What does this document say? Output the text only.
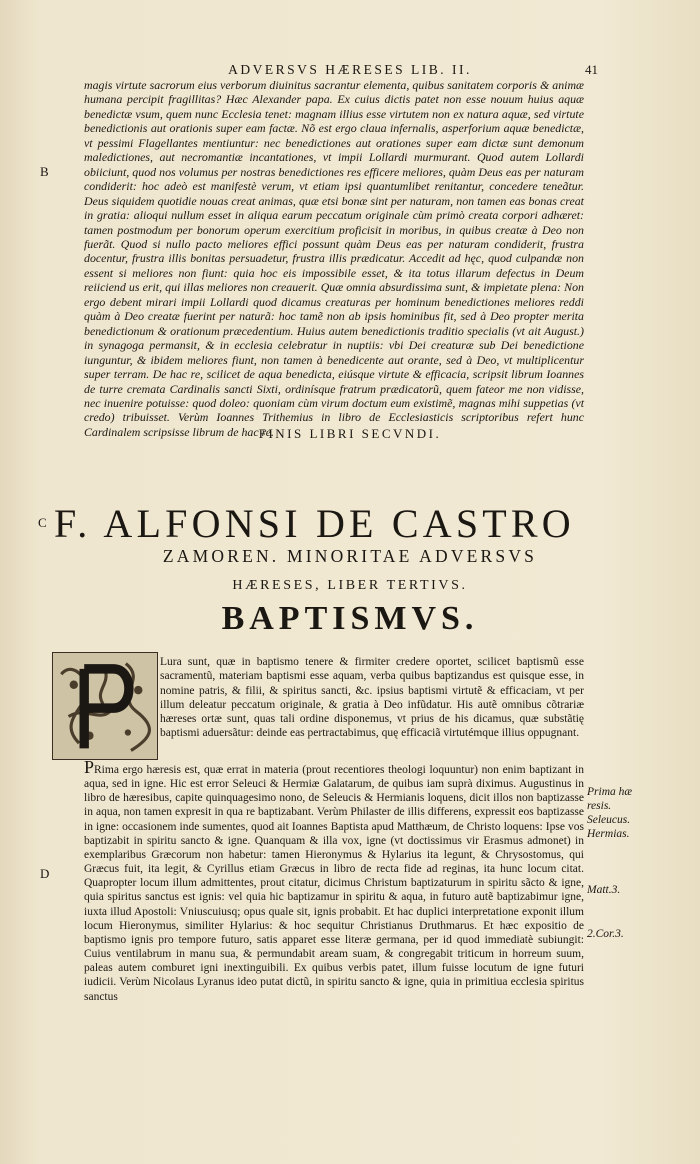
ADVERSVS HÆRESES LIB. II.	41

magis virtute sacrorum eius verborum diuinitus sacrantur elementa, quibus sanitatem corporis & animæ humana percipit fragillitas? Hæc Alexander papa. Ex cuius dictis patet non esse nouum huius aquæ benedictæ vsum, quem nunc Ecclesia tenet: magnam illius esse virtutem non ex natura aquæ, sed virtute benedictionis aut orationis super eam factæ. Nõ est ergo claua infernalis, asperforium aquæ benedictæ, vt pessimi Flagellantes mentiuntur: nec benedictiones aut orationes super eam dictæ sunt demonum maledictiones, aut necromantiæ incantationes, vt impii Lollardi murmurant. Quod autem Lollardi obiiciunt, quod nos volumus per nostras benedictiones res efficere meliores, quàm Deus eas per naturam condiderit: hoc adeò est manifestè verum, vt etiam ipsi quantumlibet renitantur, concedere teneãtur. Deus siquidem quotidie nouas creat animas, quæ etsi bonæ sint per naturam, non tamen eas bonas creat in gratia: alioqui nullum esset in aliqua earum peccatum originale cùm primò creata corpori adhæret: tamen postmodum per bonorum operum exercitium proficisit in moribus, in quibus creatæ à Deo non fuerãt. Quod si nullo pacto meliores effici possunt quàm Deus eas per naturam condiderit, frustra docentur, frustra illis bonitas persuadetur, frustra illis prædicatur. Accedit ad hęc, quod culpandæ non essent si meliores non fiunt: quia hoc eis impossibile esset, & ita totus illarum defectus in Deum reiiciend us erit, qui illas meliores non creauerit. Quæ omnia absurdissima sunt, & impietate plena: Non ergo debent mirari impii Lollardi quod dicamus creaturas per hominum benedictiones meliores reddi quàm à Deo creatæ fuerint per naturã: hoc tamẽ non ab ipsis hominibus fit, sed à Deo propter merita benedictionum & orationum præcedentium. Huius autem benedictionis traditio specialis (vt ait August.) in synagoga permansit, & in ecclesia celebratur in nuptiis: vbi Dei creaturæ sub Dei benedictione iunguntur, & ibidem meliores fiunt, non tamen à benedicente aut orante, sed à Deo, vt multiplicentur super terram. De hac re, scilicet de aqua benedicta, eiúsque virtute & efficacia, scripsit librum Ioannes de turre cremata Cardinalis sancti Sixti, ordinísque fratrum prædicatorũ, quem fateor me non vidisse, nec inuenire potuisse: quod doleo: quoniam cùm virum doctum eum existimẽ, magnas mihi suppetias (vt credo) tribuisset. Verùm Ioannes Trithemius in libro de Ecclesiasticis scriptoribus refert hunc Cardinalem scripsisse librum de hac re.

B
FINIS LIBRI SECVNDI.
C F. ALFONSI DE CASTRO
ZAMOREN. MINORITAE ADVERSVS
HÆRESES, LIBER TERTIVS.
BAPTISMVS.
Lura sunt, quæ in baptismo tenere & firmiter credere oportet, scilicet baptismũ esse sacramentũ, materiam baptismi esse aquam, verba quibus baptizandus est quisque esse, in nomine patris, & filii, & spiritus sancti, &c. ipsius baptismi virtutẽ & efficaciam, vt per illum deleatur peccatum originale, & gratia à Deo infũdatur. His autẽ omnibus cõtrariæ hæreses ortæ sunt, quas tali ordine disponemus, vt prius de his dicamus, quæ substãtię baptismi aduersãtur: deinde eas pertractabimus, quę efficaciã virtutémque illius oppugnant.
D
PRima ergo hæresis est, quæ errat in materia (prout recentiores theologi loquuntur) non enim baptizant in aqua, sed in igne. Hic est error Seleuci & Hermiæ Galatarum, de quibus iam suprà diximus. Augustinus in libro de hæresibus, capite quinquagesimo nono, de Seleucis & Hermianis loquens, dicit illos non baptizasse in aqua, non tamen expresit in qua re baptizabant. Verùm Philaster de illis differens, expressit eos baptizasse in igne: occasionem inde sumentes, quod ait Ioannes Baptista apud Matthæum, de Christo loquens: Ipse vos baptizabit in spiritu sancto & igne. Quanquam & illa vox, igne (vt doctissimus vir Erasmus admonet) in exemplaribus Græcorum non habetur: tamen Hieronymus & Hylarius ita legunt, & Chrysostomus, qui Græcus fuit, ita legit, & Cyrillus etiam Græcus in libro de recta fide ad reginas, ita hunc locum citat. Quapropter locum illum admittentes, prout citatur, dicimus Christum baptizaturum in spiritu sãcto & igne, quia spiritus sanctus est ignis: vel quia hic baptizamur in spiritu & aqua, in futuro autẽ baptizabimur igne, iuxta illud Apostoli: Vniuscuiusq; opus quale sit, ignis probabit. Et hac duplici interpretatione exponit illum locum Hieronymus, similiter Hylarius: & hoc sequitur Christianus Druthmarus. Et hæc expositio de baptismo ignis pro tempore futuro, satis apparet esse literæ germana, per id quod immediatè subiungit: Cuius ventilabrum in manu sua, & permundabit aream suam, & congregabit triticum in horreum suum, paleas autem comburet igni inextinguibili. Ex quibus verbis patet, illum fuisse locutum de igne futuri iudicii. Verùm Nicolaus Lyranus ideo putat dictũ, in spiritu sancto & igne, quia in primitiua ecclesia spiritus sanctus
Prima hæ
resis.
Seleucus.
Hermias.
Matt.3.
2.Cor.3.
